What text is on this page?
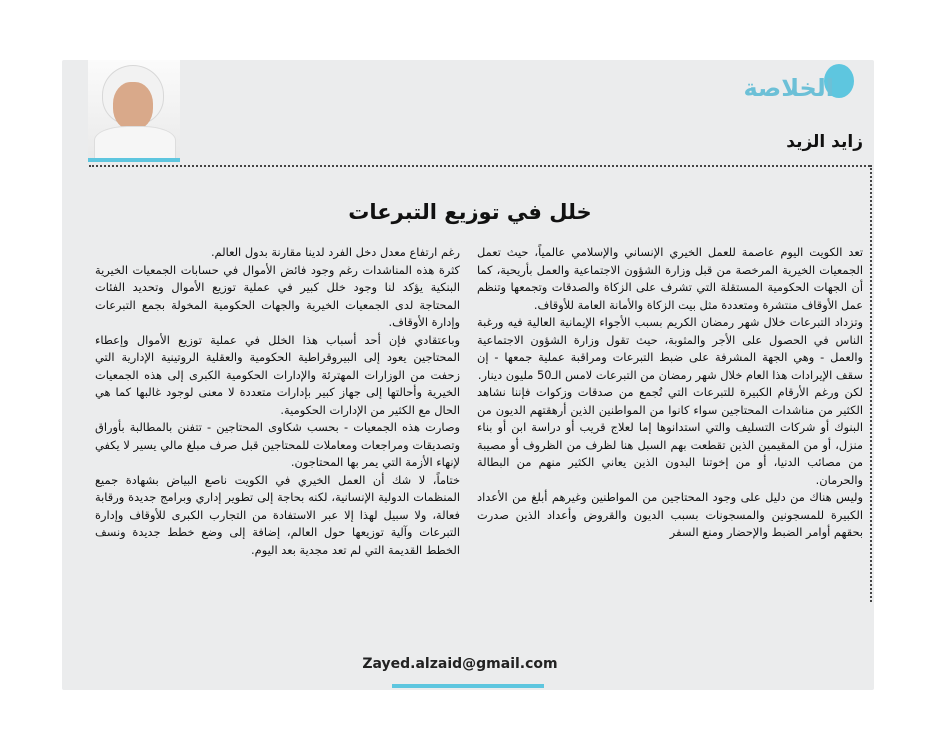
الخلاصة
زايد الزيد
خلل في توزيع التبرعات

تعد الكويت اليوم عاصمة للعمل الخيري الإنساني والإسلامي عالمياً، حيث تعمل الجمعيات الخيرية المرخصة من قبل وزارة الشؤون الاجتماعية والعمل بأريحية، كما أن الجهات الحكومية المستقلة التي تشرف على الزكاة والصدقات وتجمعها وتنظم عمل الأوقاف منتشرة ومتعددة مثل بيت الزكاة والأمانة العامة للأوقاف.

وتزداد التبرعات خلال شهر رمضان الكريم بسبب الأجواء الإيمانية العالية فيه ورغبة الناس في الحصول على الأجر والمثوبة، حيث تقول وزارة الشؤون الاجتماعية والعمل - وهي الجهة المشرفة على ضبط التبرعات ومراقبة عملية جمعها - إن سقف الإيرادات هذا العام خلال شهر رمضان من التبرعات لامس الـ50 مليون دينار.

لكن ورغم الأرقام الكبيرة للتبرعات التي تُجمع من صدقات وزكوات فإننا نشاهد الكثير من مناشدات المحتاجين سواء كانوا من المواطنين الذين أرهقتهم الديون من البنوك أو شركات التسليف والتي استدانوها إما لعلاج قريب أو دراسة ابن أو بناء منزل، أو من المقيمين الذين تقطعت بهم السبل هنا لظرف من الظروف أو مصيبة من مصائب الدنيا، أو من إخوتنا البدون الذين يعاني الكثير منهم من البطالة والحرمان.

وليس هناك من دليل على وجود المحتاجين من المواطنين وغيرهم أبلغ من الأعداد الكبيرة للمسجونين والمسجونات بسبب الديون والقروض وأعداد الذين صدرت بحقهم أوامر الضبط والإحضار ومنع السفر

رغم ارتفاع معدل دخل الفرد لدينا مقارنة بدول العالم.

كثرة هذه المناشدات رغم وجود فائض الأموال في حسابات الجمعيات الخيرية البنكية يؤكد لنا وجود خلل كبير في عملية توزيع الأموال وتحديد الفئات المحتاجة لدى الجمعيات الخيرية والجهات الحكومية المخولة بجمع التبرعات وإدارة الأوقاف.

وباعتقادي فإن أحد أسباب هذا الخلل في عملية توزيع الأموال وإعطاء المحتاجين يعود إلى البيروقراطية الحكومية والعقلية الروتينية الإدارية التي زحفت من الوزارات المهترئة والإدارات الحكومية الكبرى إلى هذه الجمعيات الخيرية وأحالتها إلى جهاز كبير بإدارات متعددة لا معنى لوجود غالبها كما هي الحال مع الكثير من الإدارات الحكومية.

وصارت هذه الجمعيات - بحسب شكاوى المحتاجين - تتفنن بالمطالبة بأوراق وتصديقات ومراجعات ومعاملات للمحتاجين قبل صرف مبلغ مالي يسير لا يكفي لإنهاء الأزمة التي يمر بها المحتاجون.

ختاماً، لا شك أن العمل الخيري في الكويت ناصع البياض بشهادة جميع المنظمات الدولية الإنسانية، لكنه بحاجة إلى تطوير إداري وبرامج جديدة ورقابة فعالة، ولا سبيل لهذا إلا عبر الاستفادة من التجارب الكبرى للأوقاف وإدارة التبرعات وآلية توزيعها حول العالم، إضافة إلى وضع خطط جديدة ونسف الخطط القديمة التي لم تعد مجدية بعد اليوم.

Zayed.alzaid@gmail.com
